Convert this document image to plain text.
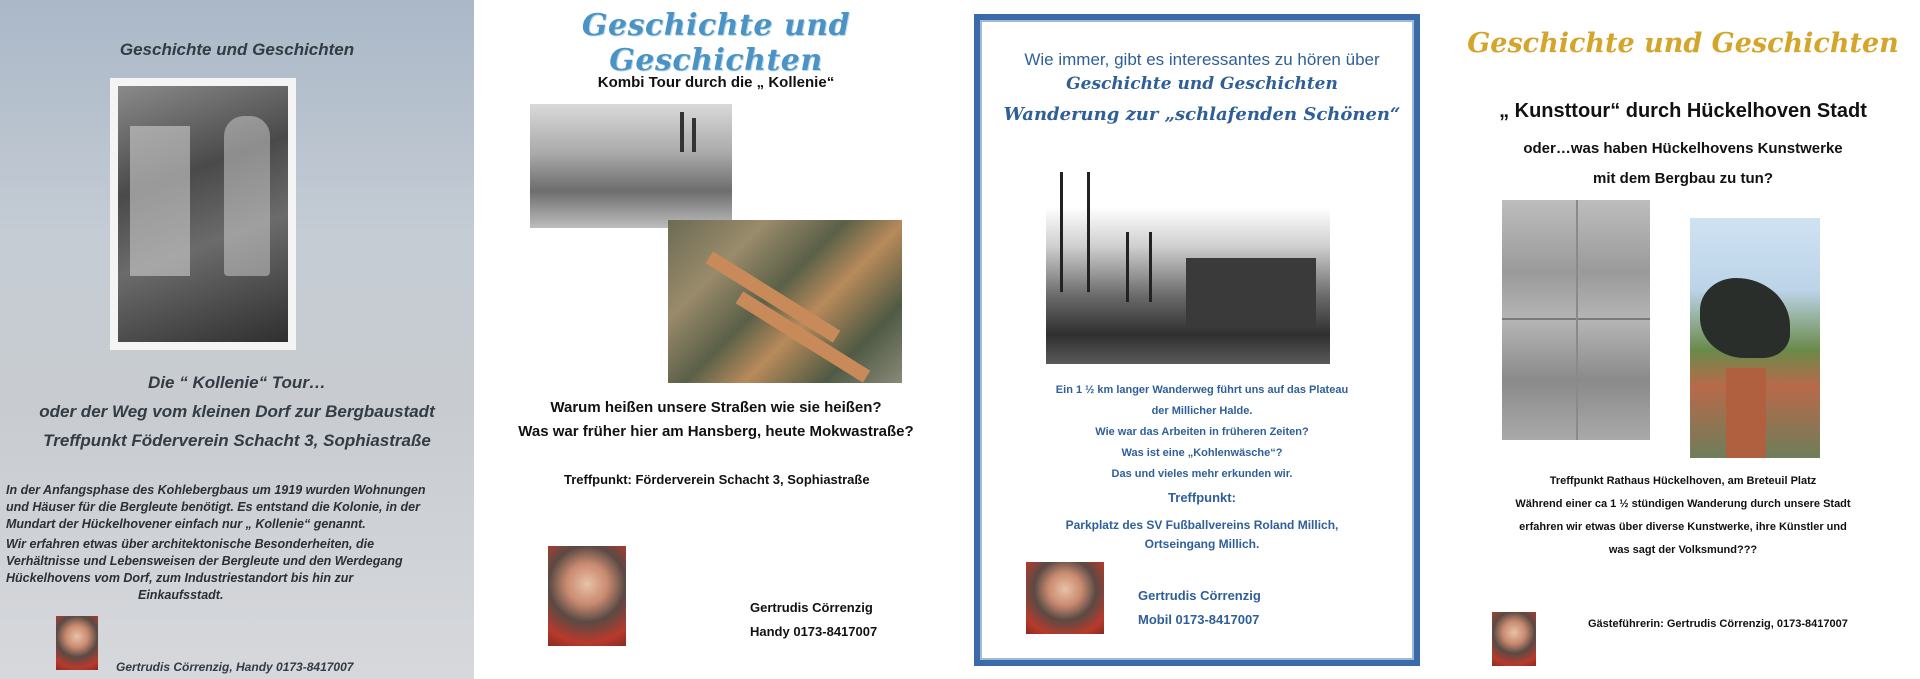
Geschichte und Geschichten
Die “ Kollenie“ Tour…
oder der Weg vom kleinen Dorf zur Bergbaustadt
Treffpunkt Föderverein Schacht 3, Sophiastraße
In der Anfangsphase des Kohlebergbaus um 1919 wurden Wohnungen
und Häuser für die Bergleute benötigt. Es entstand die Kolonie, in der
Mundart der Hückelhovener einfach nur „ Kollenie“ genannt.
Wir erfahren etwas über architektonische Besonderheiten, die
Verhältnisse und Lebensweisen der Bergleute und den Werdegang
Hückelhovens vom Dorf, zum Industriestandort bis hin zur
Einkaufsstadt.
Gertrudis Cörrenzig, Handy 0173-8417007
Geschichte und Geschichten
Kombi Tour durch die „ Kollenie“
Warum heißen unsere Straßen wie sie heißen?
Was war früher hier am Hansberg, heute Mokwastraße?
Treffpunkt: Förderverein Schacht 3, Sophiastraße
Gertrudis Cörrenzig
Handy 0173-8417007
Wie immer, gibt es interessantes zu hören über
Geschichte und Geschichten
Wanderung zur „schlafenden Schönen“
Ein 1 ½ km langer Wanderweg führt uns auf das Plateau
der Millicher Halde.
Wie war das Arbeiten in früheren Zeiten?
Was ist eine „Kohlenwäsche“?
Das und vieles mehr erkunden wir.
Treffpunkt:
Parkplatz des SV Fußballvereins Roland Millich,
Ortseingang Millich.
Gertrudis Cörrenzig
Mobil 0173-8417007
Geschichte und Geschichten
„ Kunsttour“ durch Hückelhoven Stadt
oder…was haben Hückelhovens Kunstwerke
mit dem Bergbau zu tun?
Treffpunkt Rathaus Hückelhoven, am Breteuil Platz
Während einer ca 1 ½ stündigen Wanderung durch unsere Stadt
erfahren wir etwas über diverse Kunstwerke, ihre Künstler und
was sagt der Volksmund???
Gästeführerin: Gertrudis Cörrenzig, 0173-8417007
